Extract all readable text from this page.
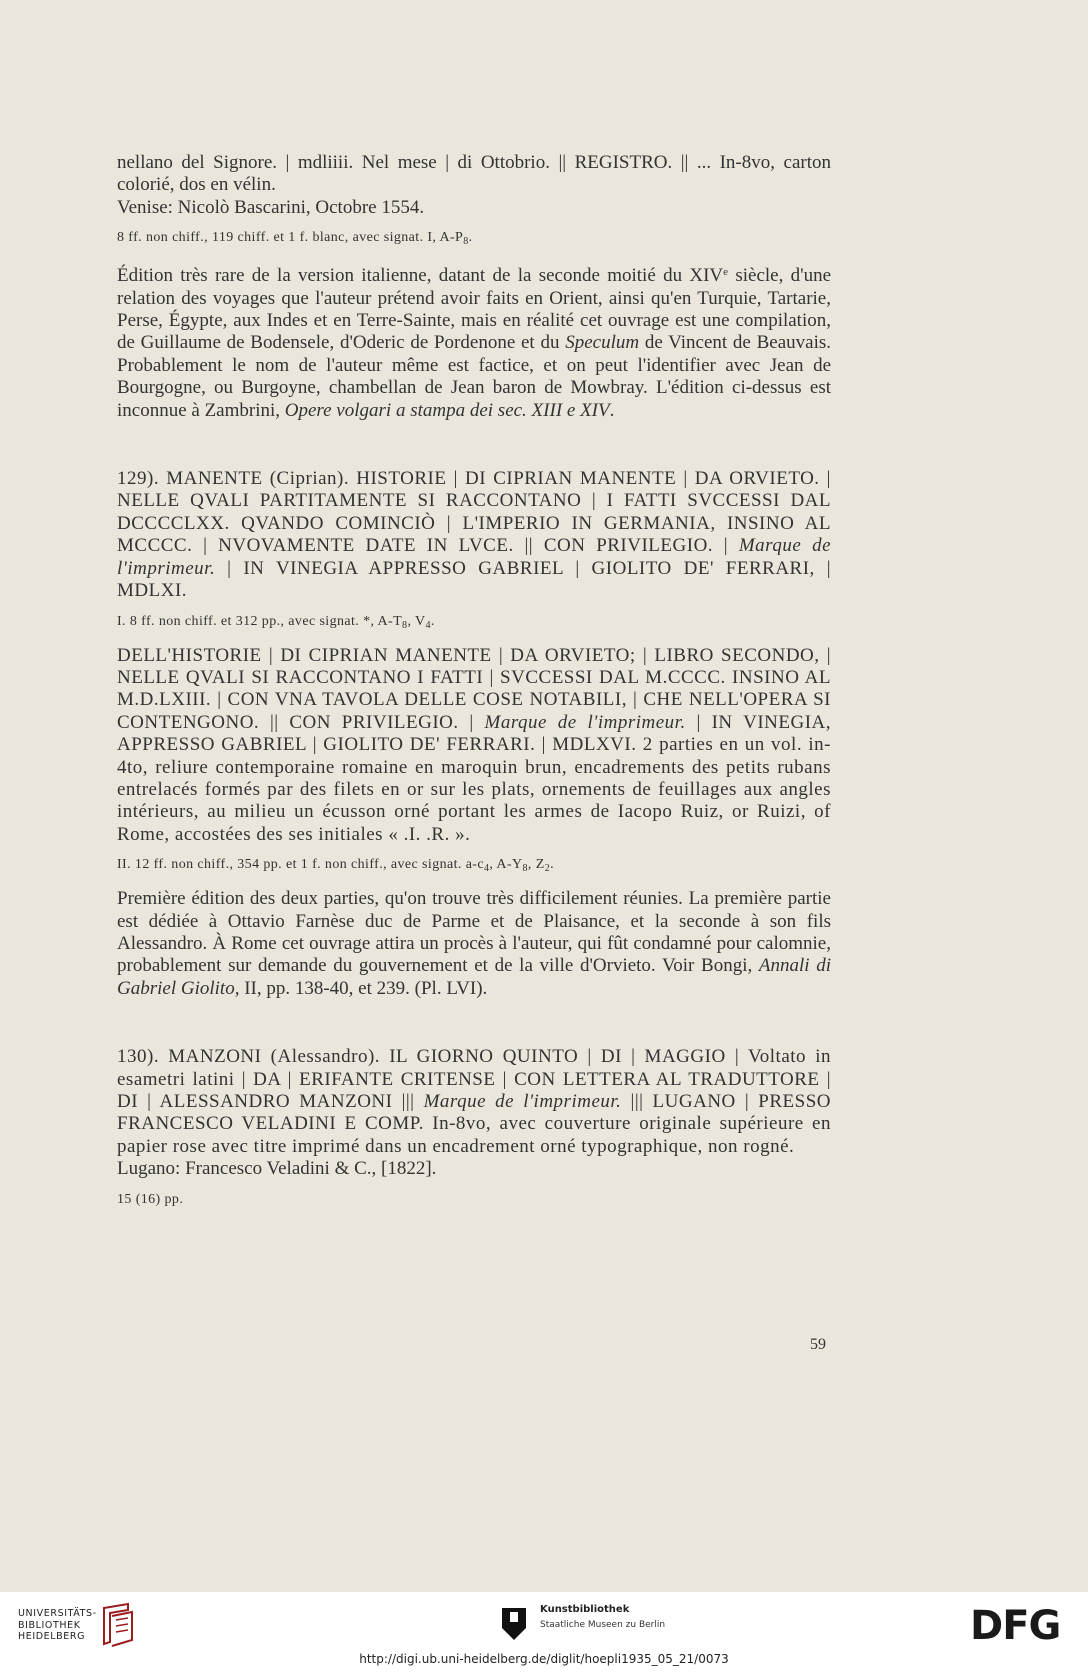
nellano del Signore. | mdliiii. Nel mese | di Ottobrio. || REGISTRO. || ... In-8vo, carton colorié, dos en vélin.
Venise: Nicolò Bascarini, Octobre 1554.

8 ff. non chiff., 119 chiff. et 1 f. blanc, avec signat. I, $A-P_8$.

Édition très rare de la version italienne, datant de la seconde moitié du XIVe siècle, d'une relation des voyages que l'auteur prétend avoir faits en Orient, ainsi qu'en Turquie, Tartarie, Perse, Égypte, aux Indes et en Terre-Sainte, mais en réalité cet ouvrage est une compilation, de Guillaume de Bodensele, d'Oderic de Pordenone et du Speculum de Vincent de Beauvais. Probablement le nom de l'auteur même est factice, et on peut l'identifier avec Jean de Bourgogne, ou Burgoyne, chambellan de Jean baron de Mowbray. L'édition ci-dessus est inconnue à Zambrini, Opere volgari a stampa dei sec. XIII e XIV.

129). MANENTE (Ciprian). HISTORIE | DI CIPRIAN MANENTE | DA ORVIETO. | NELLE QVALI PARTITAMENTE SI RACCONTANO | I FATTI SVCCESSI DAL DCCCCLXX. QVANDO COMINCIÒ | L'IMPERIO IN GERMANIA, INSINO AL MCCCC. | NVOVAMENTE DATE IN LVCE. || CON PRIVILEGIO. | Marque de l'imprimeur. | IN VINEGIA APPRESSO GABRIEL | GIOLITO DE' FERRARI, | MDLXI.

I. 8 ff. non chiff. et 312 pp., avec signat. *, $A-T_8$, $V_4$.

DELL'HISTORIE | DI CIPRIAN MANENTE | DA ORVIETO; | LIBRO SECONDO, | NELLE QVALI SI RACCONTANO I FATTI | SVCCESSI DAL M.CCCC. INSINO AL M.D.LXIII. | CON VNA TAVOLA DELLE COSE NOTABILI, | CHE NELL'OPERA SI CONTENGONO. || CON PRIVILEGIO. | Marque de l'imprimeur. | IN VINEGIA, APPRESSO GABRIEL | GIOLITO DE' FERRARI. | MDLXVI. 2 parties en un vol. in-4to, reliure contemporaine romaine en maroquin brun, encadrements des petits rubans entrelacés formés par des filets en or sur les plats, ornements de feuillages aux angles intérieurs, au milieu un écusson orné portant les armes de Iacopo Ruiz, or Ruizi, of Rome, accostées des ses initiales « .I. .R. ».

II. 12 ff. non chiff., 354 pp. et 1 f. non chiff., avec signat. $a-c_4$, $A-Y_8$, $Z_2$.

Première édition des deux parties, qu'on trouve très difficilement réunies. La première partie est dédiée à Ottavio Farnèse duc de Parme et de Plaisance, et la seconde à son fils Alessandro. À Rome cet ouvrage attira un procès à l'auteur, qui fût condamné pour calomnie, probablement sur demande du gouvernement et de la ville d'Orvieto. Voir Bongi, Annali di Gabriel Giolito, II, pp. 138-40, et 239. (Pl. LVI).

130). MANZONI (Alessandro). IL GIORNO QUINTO | DI | MAGGIO | Voltato in esametri latini | DA | ERIFANTE CRITENSE | CON LETTERA AL TRADUTTORE | DI | ALESSANDRO MANZONI ||| Marque de l'imprimeur. ||| LUGANO | PRESSO FRANCESCO VELADINI E COMP. In-8vo, avec couverture originale supérieure en papier rose avec titre imprimé dans un encadrement orné typographique, non rogné.

Lugano: Francesco Veladini & C., [1822].

15 (16) pp.

59
UNIVERSITÄTS-
BIBLIOTHEK
HEIDELBERG
Kunstbibliothek
Staatliche Museen zu Berlin	DFG
http://digi.ub.uni-heidelberg.de/diglit/hoepli1935_05_21/0073
